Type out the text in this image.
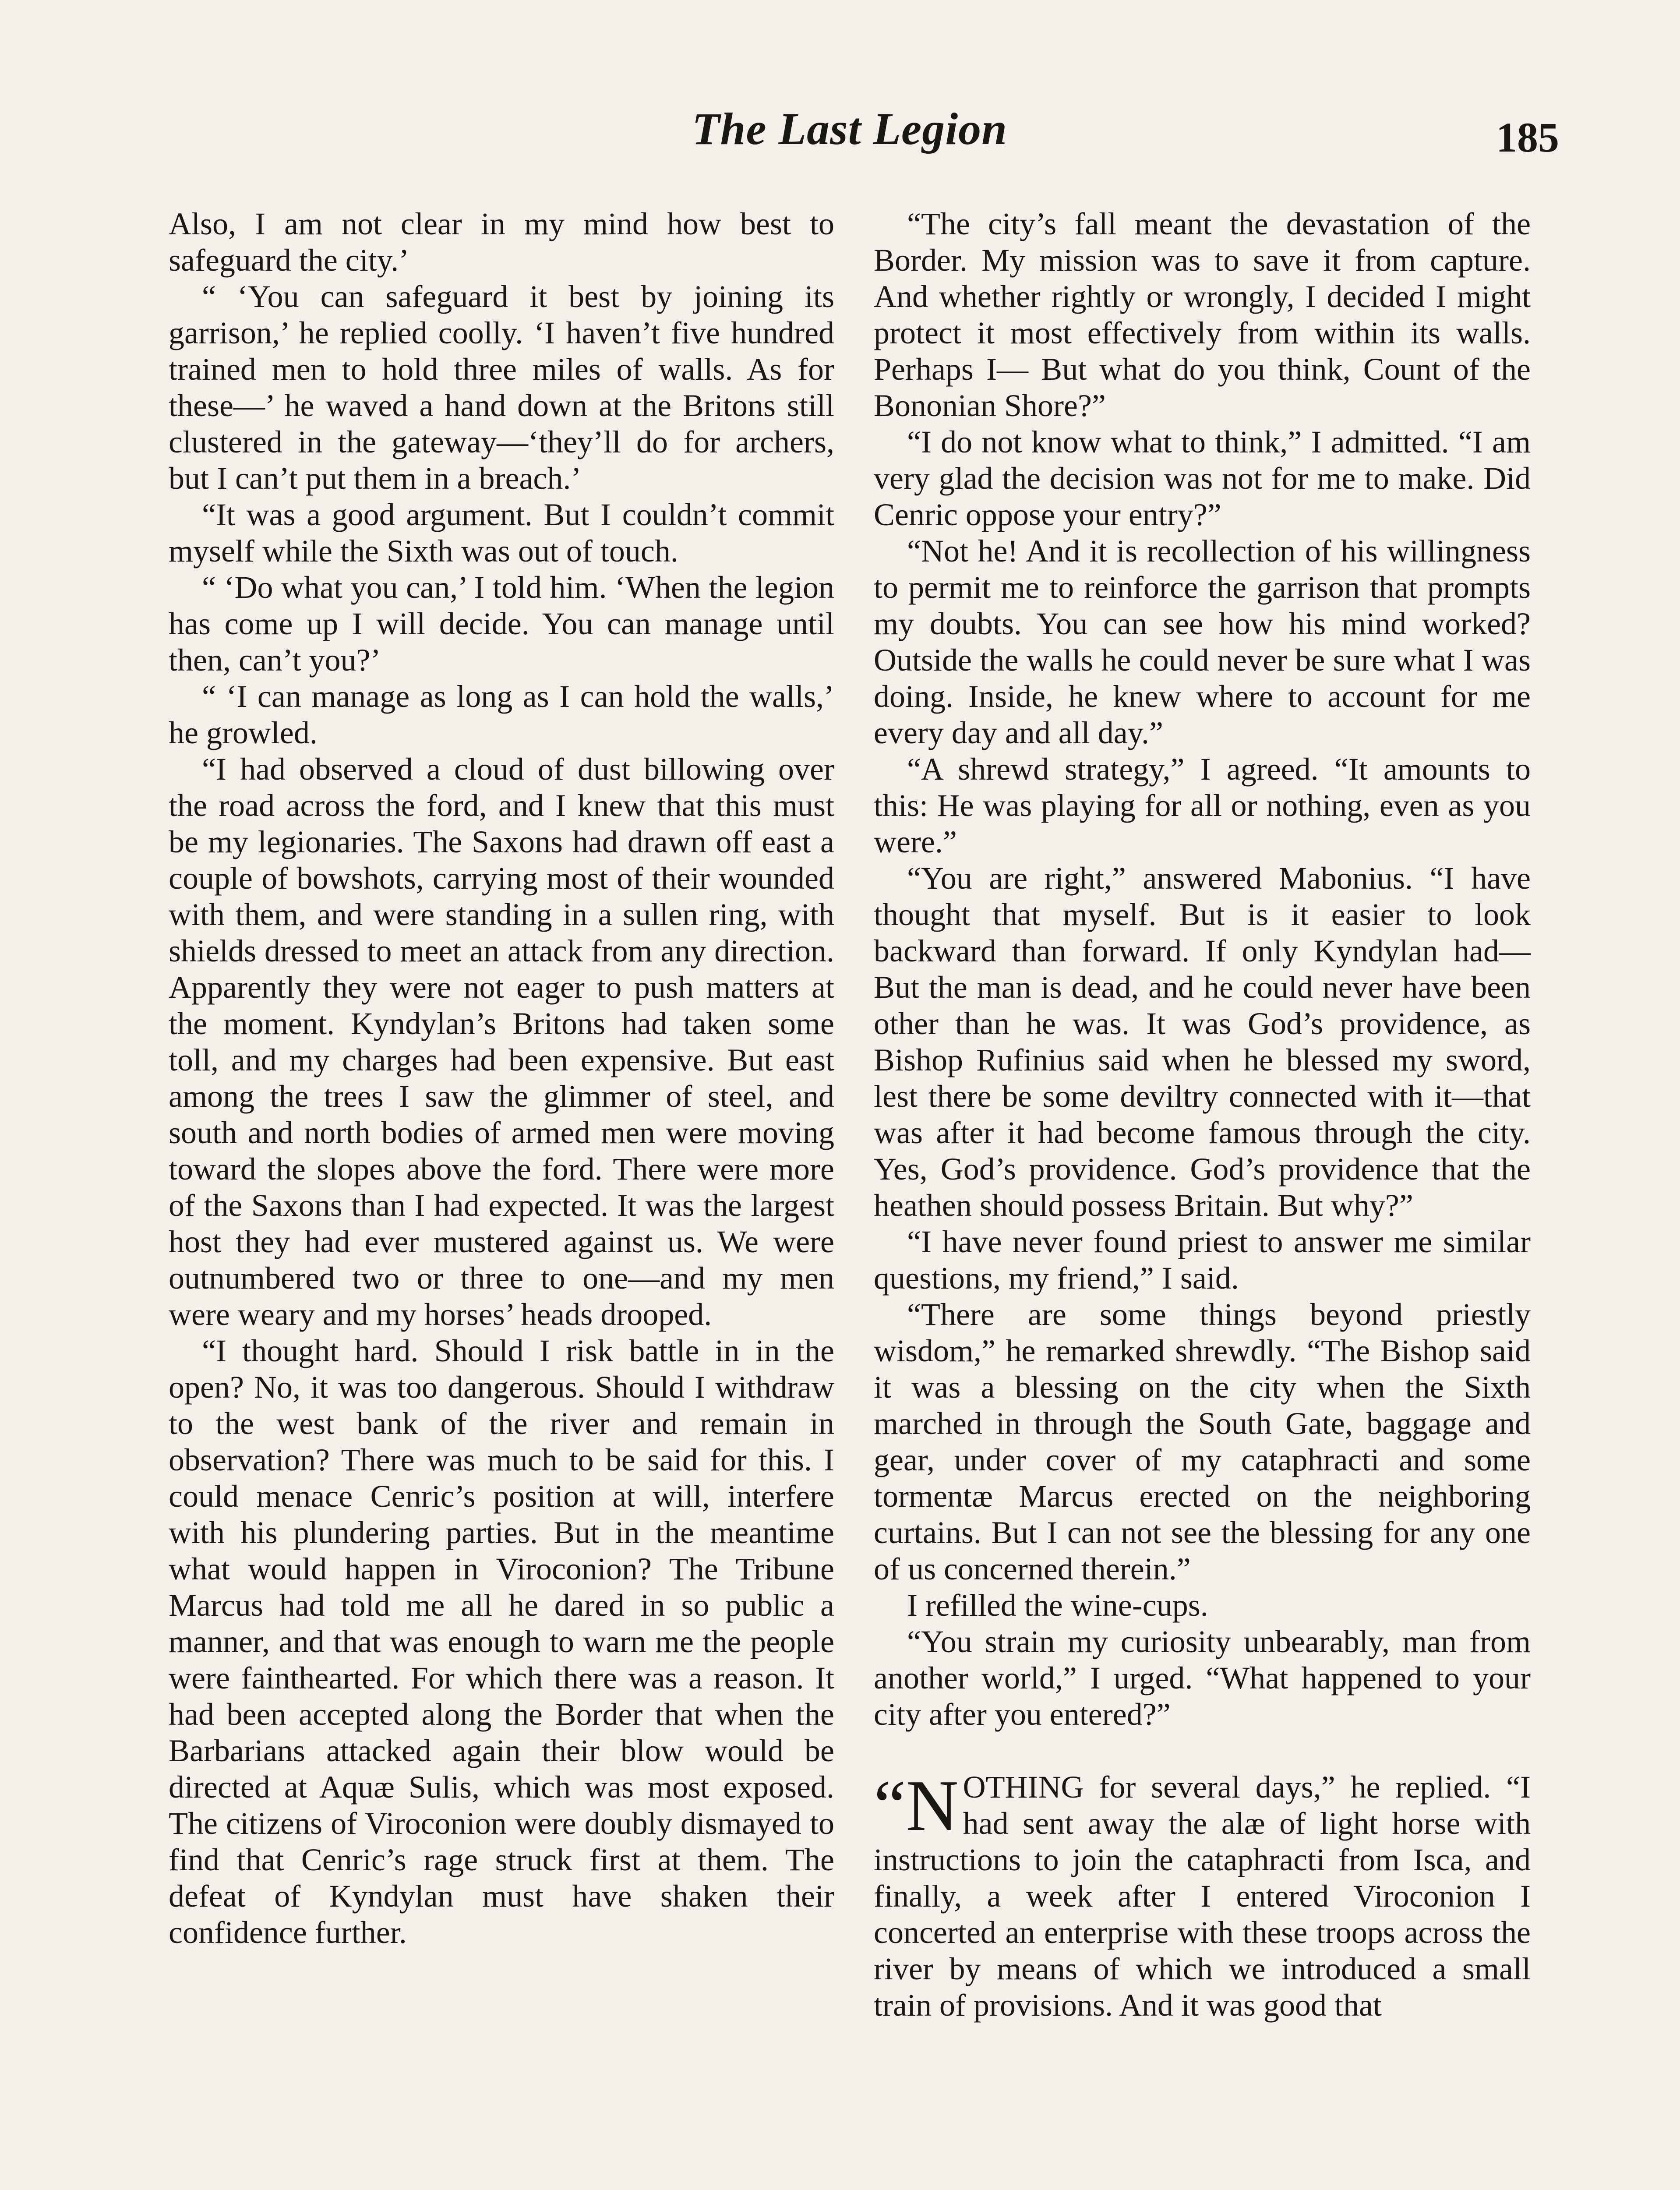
The Last Legion	185

Also, I am not clear in my mind how best to safeguard the city.’

“ ‘You can safeguard it best by joining its garrison,’ he replied coolly. ‘I haven’t five hundred trained men to hold three miles of walls. As for these—’ he waved a hand down at the Britons still clustered in the gateway—‘they’ll do for archers, but I can’t put them in a breach.’

“It was a good argument. But I couldn’t commit myself while the Sixth was out of touch.

“ ‘Do what you can,’ I told him. ‘When the legion has come up I will decide. You can manage until then, can’t you?’

“ ‘I can manage as long as I can hold the walls,’ he growled.

“I had observed a cloud of dust billowing over the road across the ford, and I knew that this must be my legionaries. The Saxons had drawn off east a couple of bowshots, carrying most of their wounded with them, and were standing in a sullen ring, with shields dressed to meet an attack from any direction. Apparently they were not eager to push matters at the moment. Kyndylan’s Britons had taken some toll, and my charges had been expensive. But east among the trees I saw the glimmer of steel, and south and north bodies of armed men were moving toward the slopes above the ford. There were more of the Saxons than I had expected. It was the largest host they had ever mustered against us. We were outnumbered two or three to one—and my men were weary and my horses’ heads drooped.

“I thought hard. Should I risk battle in in the open? No, it was too dangerous. Should I withdraw to the west bank of the river and remain in observation? There was much to be said for this. I could menace Cenric’s position at will, interfere with his plundering parties. But in the meantime what would happen in Viroconion? The Tribune Marcus had told me all he dared in so public a manner, and that was enough to warn me the people were fainthearted. For which there was a reason. It had been accepted along the Border that when the Barbarians attacked again their blow would be directed at Aquæ Sulis, which was most exposed. The citizens of Viroconion were doubly dismayed to find that Cenric’s rage struck first at them. The defeat of Kyndylan must have shaken their confidence further.

“The city’s fall meant the devastation of the Border. My mission was to save it from capture. And whether rightly or wrongly, I decided I might protect it most effectively from within its walls. Perhaps I— But what do you think, Count of the Bononian Shore?”

“I do not know what to think,” I admitted. “I am very glad the decision was not for me to make. Did Cenric oppose your entry?”

“Not he! And it is recollection of his willingness to permit me to reinforce the garrison that prompts my doubts. You can see how his mind worked? Outside the walls he could never be sure what I was doing. Inside, he knew where to account for me every day and all day.”

“A shrewd strategy,” I agreed. “It amounts to this: He was playing for all or nothing, even as you were.”

“You are right,” answered Mabonius. “I have thought that myself. But is it easier to look backward than forward. If only Kyndylan had— But the man is dead, and he could never have been other than he was. It was God’s providence, as Bishop Rufinius said when he blessed my sword, lest there be some deviltry connected with it—that was after it had become famous through the city. Yes, God’s providence. God’s providence that the heathen should possess Britain. But why?”

“I have never found priest to answer me similar questions, my friend,” I said.

“There are some things beyond priestly wisdom,” he remarked shrewdly. “The Bishop said it was a blessing on the city when the Sixth marched in through the South Gate, baggage and gear, under cover of my cataphracti and some tormentæ Marcus erected on the neighboring curtains. But I can not see the blessing for any one of us concerned therein.”

I refilled the wine-cups.

“You strain my curiosity unbearably, man from another world,” I urged. “What happened to your city after you entered?”

“N OTHING for several days,” he replied. “I had sent away the alæ of light horse with instructions to join the cataphracti from Isca, and finally, a week after I entered Viroconion I concerted an enterprise with these troops across the river by means of which we introduced a small train of provisions. And it was good that
